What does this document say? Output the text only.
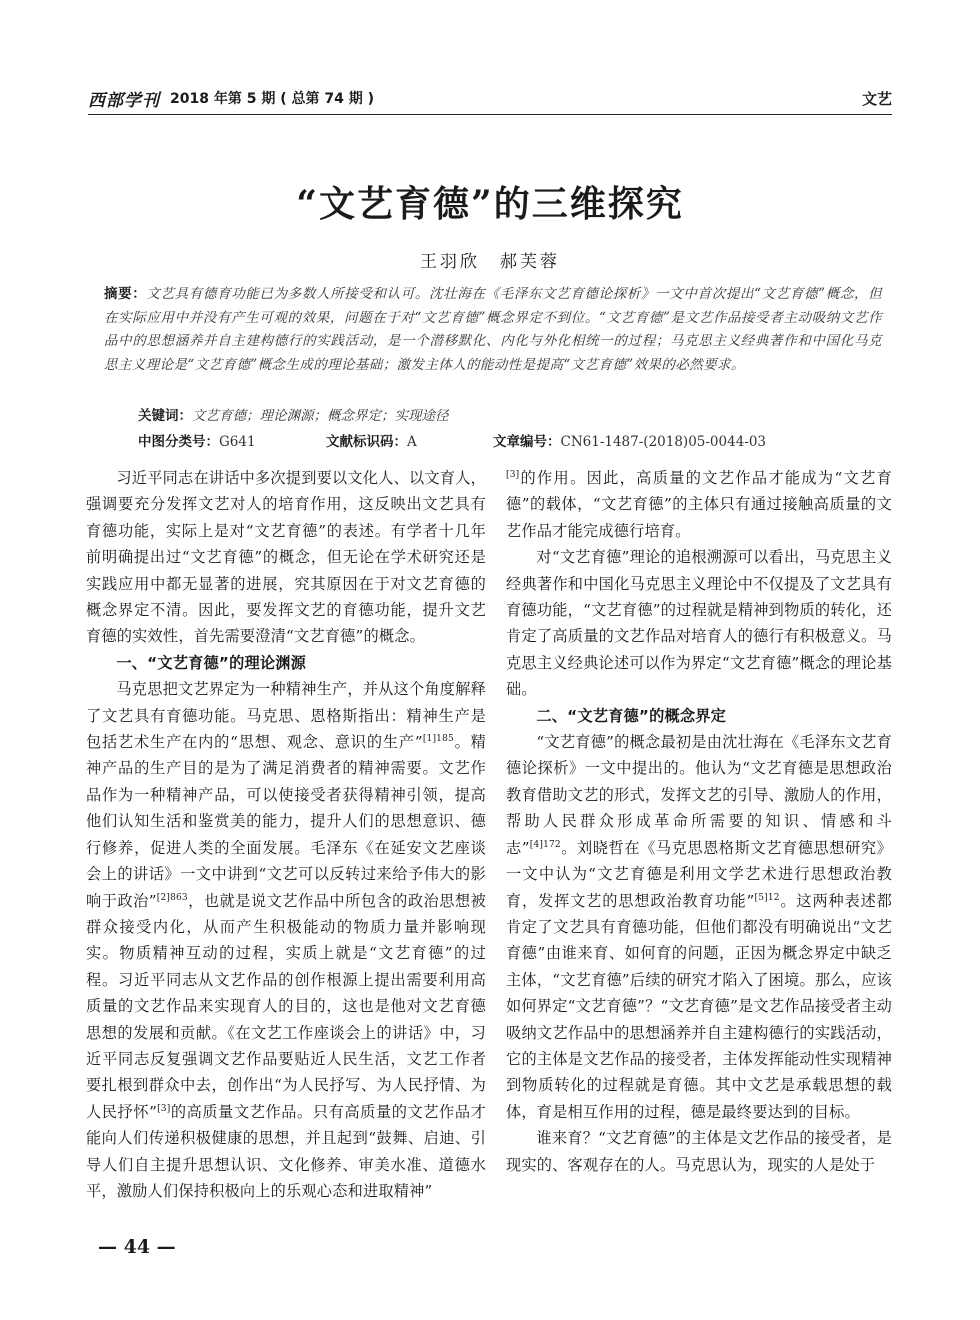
西部学刊 2018 年第 5 期 ( 总第 74 期 )	文艺
“文艺育德”的三维探究
王羽欣　郝芙蓉
摘要：文艺具有德育功能已为多数人所接受和认可。沈壮海在《毛泽东文艺育德论探析》一文中首次提出“文艺育德”概念，但在实际应用中并没有产生可观的效果，问题在于对“文艺育德”概念界定不到位。“文艺育德”是文艺作品接受者主动吸纳文艺作品中的思想涵养并自主建构德行的实践活动，是一个潜移默化、内化与外化相统一的过程；马克思主义经典著作和中国化马克思主义理论是“文艺育德”概念生成的理论基础；激发主体人的能动性是提高“文艺育德”效果的必然要求。
关键词：文艺育德；理论渊源；概念界定；实现途径
中图分类号：G641	文献标识码：A	文章编号：CN61-1487-(2018)05-0044-03

习近平同志在讲话中多次提到要以文化人、以文育人，强调要充分发挥文艺对人的培育作用，这反映出文艺具有育德功能，实际上是对“文艺育德”的表述。有学者十几年前明确提出过“文艺育德”的概念，但无论在学术研究还是实践应用中都无显著的进展，究其原因在于对文艺育德的概念界定不清。因此，要发挥文艺的育德功能，提升文艺育德的实效性，首先需要澄清“文艺育德”的概念。

一、“文艺育德”的理论渊源

马克思把文艺界定为一种精神生产，并从这个角度解释了文艺具有育德功能。马克思、恩格斯指出：精神生产是包括艺术生产在内的“思想、观念、意识的生产”$^{[1]185}$。精神产品的生产目的是为了满足消费者的精神需要。文艺作品作为一种精神产品，可以使接受者获得精神引领，提高他们认知生活和鉴赏美的能力，提升人们的思想意识、德行修养，促进人类的全面发展。毛泽东《在延安文艺座谈会上的讲话》一文中讲到“文艺可以反转过来给予伟大的影响于政治”$^{[2]863}$，也就是说文艺作品中所包含的政治思想被群众接受内化，从而产生积极能动的物质力量并影响现实。物质精神互动的过程，实质上就是“文艺育德”的过程。习近平同志从文艺作品的创作根源上提出需要利用高质量的文艺作品来实现育人的目的，这也是他对文艺育德思想的发展和贡献。《在文艺工作座谈会上的讲话》中，习近平同志反复强调文艺作品要贴近人民生活，文艺工作者要扎根到群众中去，创作出“为人民抒写、为人民抒情、为人民抒怀”[3]的高质量文艺作品。只有高质量的文艺作品才能向人们传递积极健康的思想，并且起到“鼓舞、启迪、引导人们自主提升思想认识、文化修养、审美水准、道德水平，激励人们保持积极向上的乐观心态和进取精神”

[3]的作用。因此，高质量的文艺作品才能成为“文艺育德”的载体，“文艺育德”的主体只有通过接触高质量的文艺作品才能完成德行培育。

对“文艺育德”理论的追根溯源可以看出，马克思主义经典著作和中国化马克思主义理论中不仅提及了文艺具有育德功能，“文艺育德”的过程就是精神到物质的转化，还肯定了高质量的文艺作品对培育人的德行有积极意义。马克思主义经典论述可以作为界定“文艺育德”概念的理论基础。

二、“文艺育德”的概念界定

“文艺育德”的概念最初是由沈壮海在《毛泽东文艺育德论探析》一文中提出的。他认为“文艺育德是思想政治教育借助文艺的形式，发挥文艺的引导、激励人的作用，帮助人民群众形成革命所需要的知识、情感和斗志”$^{[4]172}$。刘晓哲在《马克思恩格斯文艺育德思想研究》一文中认为“文艺育德是利用文学艺术进行思想政治教育，发挥文艺的思想政治教育功能”$^{[5]12}$。这两种表述都肯定了文艺具有育德功能，但他们都没有明确说出“文艺育德”由谁来育、如何育的问题，正因为概念界定中缺乏主体，“文艺育德”后续的研究才陷入了困境。那么，应该如何界定“文艺育德”？“文艺育德”是文艺作品接受者主动吸纳文艺作品中的思想涵养并自主建构德行的实践活动，它的主体是文艺作品的接受者，主体发挥能动性实现精神到物质转化的过程就是育德。其中文艺是承载思想的载体，育是相互作用的过程，德是最终要达到的目标。

谁来育？“文艺育德”的主体是文艺作品的接受者，是现实的、客观存在的人。马克思认为，现实的人是处于

— 44 —
